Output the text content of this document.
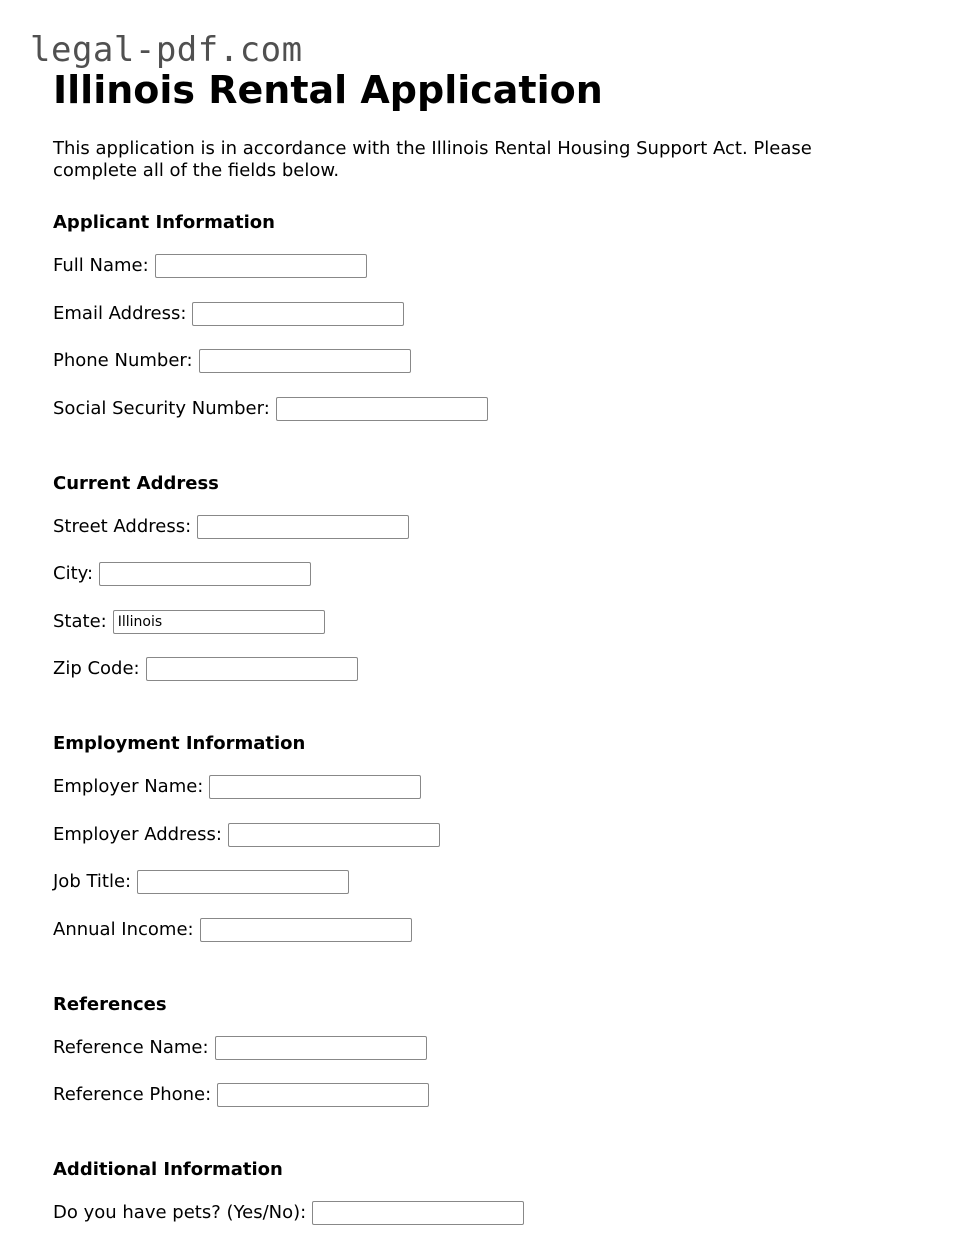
legal-pdf.com
Illinois Rental Application

This application is in accordance with the Illinois Rental Housing Support Act. Please complete all of the fields below.

Applicant Information
Full Name:
Email Address:
Phone Number:
Social Security Number:
Current Address
Street Address:
City:
State:
Illinois
Zip Code:
Employment Information
Employer Name:
Employer Address:
Job Title:
Annual Income:
References
Reference Name:
Reference Phone:
Additional Information
Do you have pets? (Yes/No):
